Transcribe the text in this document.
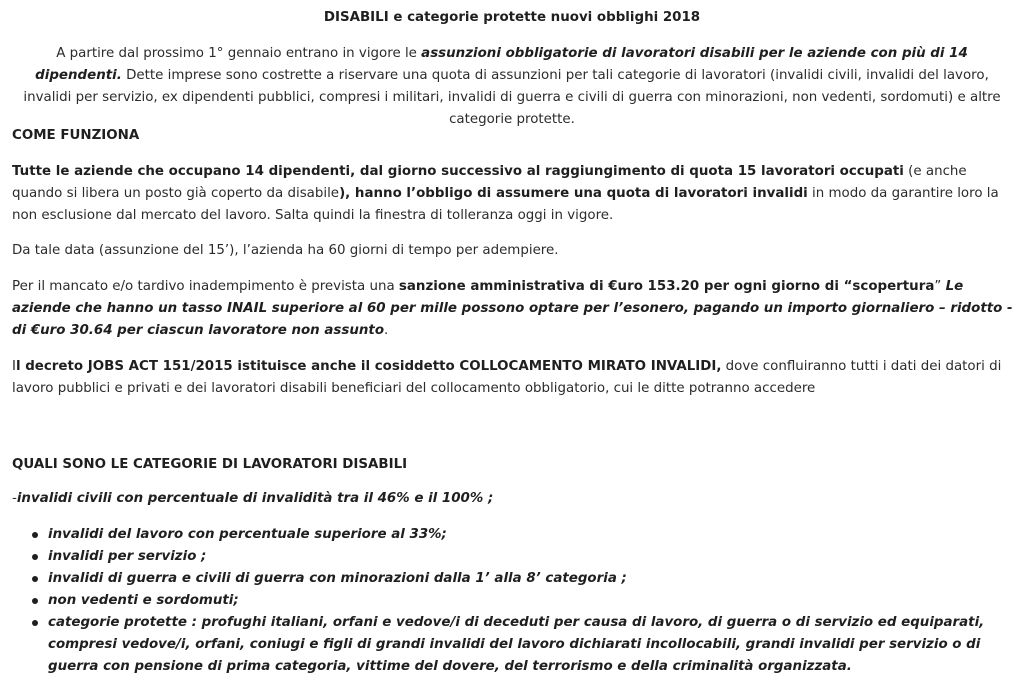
DISABILI e categorie protette nuovi obblighi 2018

A partire dal prossimo 1° gennaio entrano in vigore le assunzioni obbligatorie di lavoratori disabili per le aziende con più di 14 dipendenti. Dette imprese sono costrette a riservare una quota di assunzioni per tali categorie di lavoratori (invalidi civili, invalidi del lavoro, invalidi per servizio, ex dipendenti pubblici, compresi i militari, invalidi di guerra e civili di guerra con minorazioni, non vedenti, sordomuti) e altre categorie protette.

COME FUNZIONA

Tutte le aziende che occupano 14 dipendenti, dal giorno successivo al raggiungimento di quota 15 lavoratori occupati (e anche quando si libera un posto già coperto da disabile), hanno l’obbligo di assumere una quota di lavoratori invalidi in modo da garantire loro la non esclusione dal mercato del lavoro. Salta quindi la finestra di tolleranza oggi in vigore.

Da tale data (assunzione del 15’), l’azienda ha 60 giorni di tempo per adempiere.

Per il mancato e/o tardivo inadempimento è prevista una sanzione amministrativa di €uro 153.20 per ogni giorno di “scopertura” Le aziende che hanno un tasso INAIL superiore al 60 per mille possono optare per l’esonero, pagando un importo giornaliero – ridotto - di €uro 30.64 per ciascun lavoratore non assunto.

Il decreto JOBS ACT 151/2015 istituisce anche il cosiddetto COLLOCAMENTO MIRATO INVALIDI, dove confluiranno tutti i dati dei datori di lavoro pubblici e privati e dei lavoratori disabili beneficiari del collocamento obbligatorio, cui le ditte potranno accedere

QUALI SONO LE CATEGORIE DI LAVORATORI DISABILI

-invalidi civili con percentuale di invalidità tra il 46% e il 100% ;

invalidi del lavoro con percentuale superiore al 33%;
invalidi per servizio ;
invalidi di guerra e civili di guerra con minorazioni dalla 1’ alla 8’ categoria ;
non vedenti e sordomuti;
categorie protette : profughi italiani, orfani e vedove/i di deceduti per causa di lavoro, di guerra o di servizio ed equiparati, compresi vedove/i, orfani, coniugi e figli di grandi invalidi del lavoro dichiarati incollocabili, grandi invalidi per servizio o di guerra con pensione di prima categoria, vittime del dovere, del terrorismo e della criminalità organizzata.
